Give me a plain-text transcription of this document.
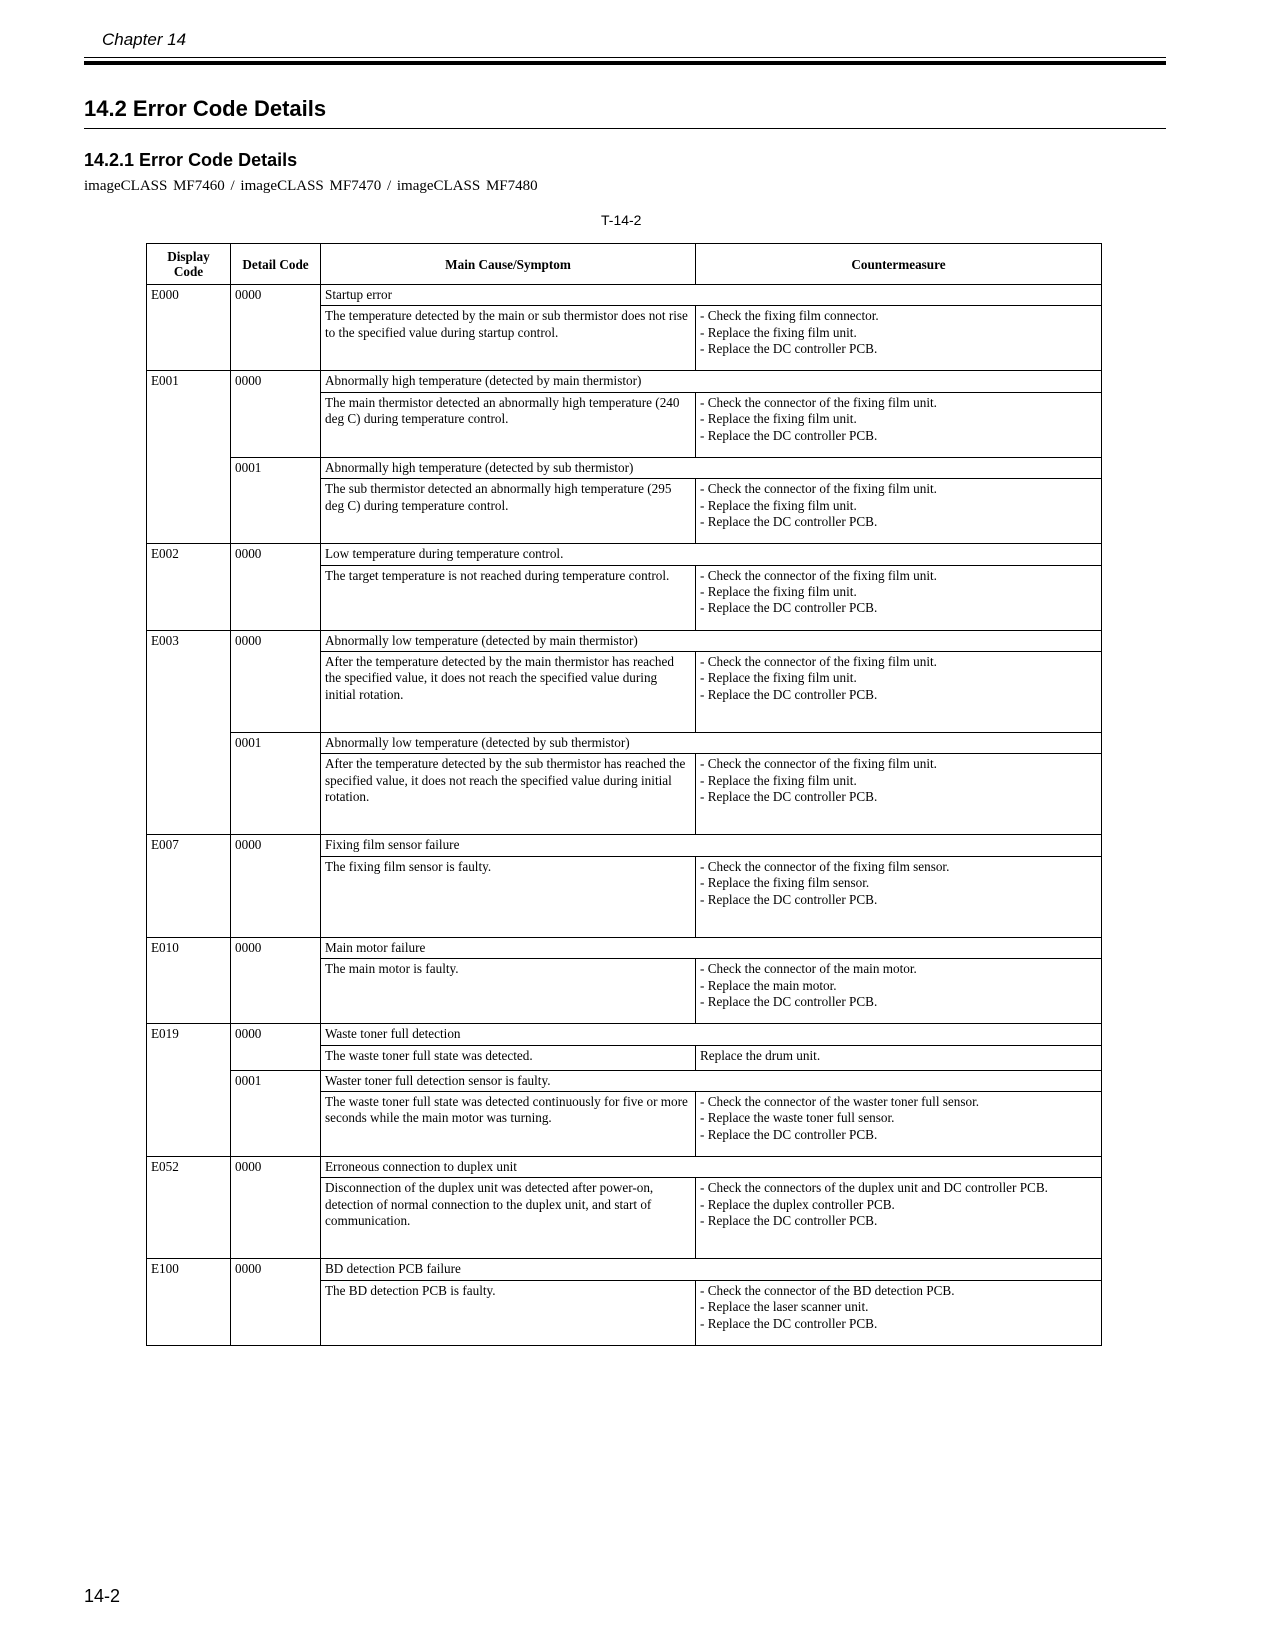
Chapter 14
14.2 Error Code Details
14.2.1 Error Code Details
imageCLASS MF7460 / imageCLASS MF7470 / imageCLASS MF7480
T-14-2
Display Code	Detail Code	Main Cause/Symptom	Countermeasure
E000	0000	Startup error	
		The temperature detected by the main or sub thermistor does not rise to the specified value during startup control.	- Check the fixing film connector.
- Replace the fixing film unit.
- Replace the DC controller PCB.

E001	0000	Abnormally high temperature (detected by main thermistor)	
		The main thermistor detected an abnormally high temperature (240 deg C) during temperature control.	- Check the connector of the fixing film unit.
- Replace the fixing film unit.
- Replace the DC controller PCB.

	0001	Abnormally high temperature (detected by sub thermistor)	
		The sub thermistor detected an abnormally high temperature (295 deg C) during temperature control.	- Check the connector of the fixing film unit.
- Replace the fixing film unit.
- Replace the DC controller PCB.

E002	0000	Low temperature during temperature control.	
		The target temperature is not reached during temperature control.	- Check the connector of the fixing film unit.
- Replace the fixing film unit.
- Replace the DC controller PCB.

E003	0000	Abnormally low temperature (detected by main thermistor)	
		After the temperature detected by the main thermistor has reached the specified value, it does not reach the specified value during initial rotation.	- Check the connector of the fixing film unit.
- Replace the fixing film unit.
- Replace the DC controller PCB.

	0001	Abnormally low temperature (detected by sub thermistor)	
		After the temperature detected by the sub thermistor has reached the specified value, it does not reach the specified value during initial rotation.	- Check the connector of the fixing film unit.
- Replace the fixing film unit.
- Replace the DC controller PCB.

E007	0000	Fixing film sensor failure	
		The fixing film sensor is faulty.	- Check the connector of the fixing film sensor.
- Replace the fixing film sensor.
- Replace the DC controller PCB.

E010	0000	Main motor failure	
		The main motor is faulty.	- Check the connector of the main motor.
- Replace the main motor.
- Replace the DC controller PCB.

E019	0000	Waste toner full detection	
		The waste toner full state was detected.	Replace the drum unit.

	0001	Waster toner full detection sensor is faulty.	
		The waste toner full state was detected continuously for five or more seconds while the main motor was turning.	- Check the connector of the waster toner full sensor.
- Replace the waste toner full sensor.
- Replace the DC controller PCB.

E052	0000	Erroneous connection to duplex unit	
		Disconnection of the duplex unit was detected after power-on, detection of normal connection to the duplex unit, and start of communication.	- Check the connectors of the duplex unit and DC controller PCB.
- Replace the duplex controller PCB.
- Replace the DC controller PCB.

E100	0000	BD detection PCB failure	
		The BD detection PCB is faulty.	- Check the connector of the BD detection PCB.
- Replace the laser scanner unit.
- Replace the DC controller PCB.
14-2
